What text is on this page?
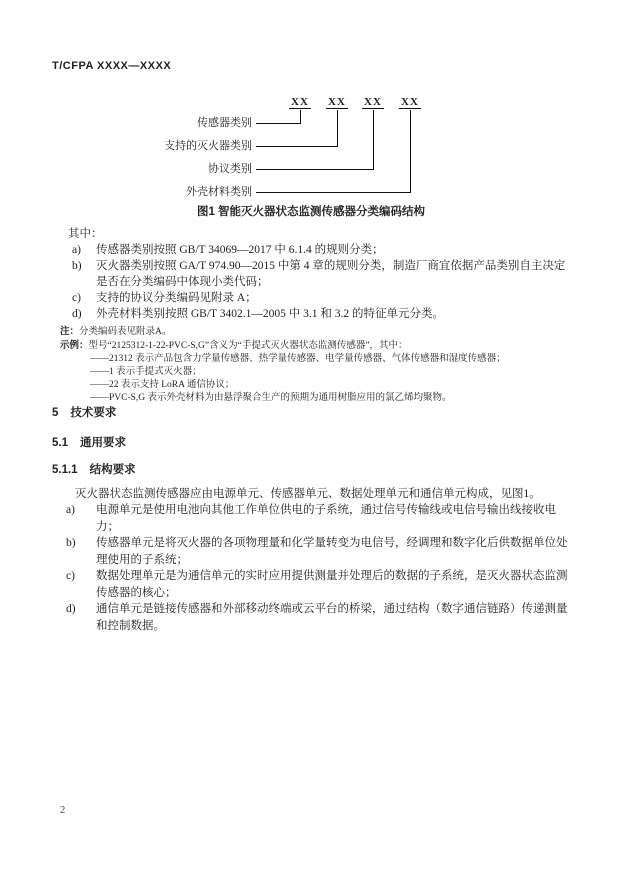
T/CFPA XXXX—XXXX
XX XX XX XX
传感器类别
支持的灭火器类别
协议类别
外壳材料类别
图1 智能灭火器状态监测传感器分类编码结构
其中：
a) 传感器类别按照 GB/T 34069—2017 中 6.1.4 的规则分类；
b) 灭火器类别按照 GA/T 974.90—2015 中第 4 章的规则分类，制造厂商宜依据产品类别自主决定是否在分类编码中体现小类代码；
c) 支持的协议分类编码见附录 A；
d) 外壳材料类别按照 GB/T 3402.1—2005 中 3.1 和 3.2 的特征单元分类。
注：分类编码表见附录A。
示例：型号“2125312-1-22-PVC-S,G”含义为“手提式灭火器状态监测传感器”，其中：
——21312 表示产品包含力学量传感器、热学量传感器、电学量传感器、气体传感器和湿度传感器；
——1 表示手提式灭火器；
——22 表示支持 LoRA 通信协议；
——PVC-S,G 表示外壳材料为由悬浮聚合生产的预期为通用树脂应用的氯乙烯均聚物。
5 技术要求
5.1 通用要求
5.1.1 结构要求
灭火器状态监测传感器应由电源单元、传感器单元、数据处理单元和通信单元构成，见图1。
a) 电源单元是使用电池向其他工作单位供电的子系统，通过信号传输线或电信号输出线接收电力；
b) 传感器单元是将灭火器的各项物理量和化学量转变为电信号，经调理和数字化后供数据单位处理使用的子系统；
c) 数据处理单元是为通信单元的实时应用提供测量并处理后的数据的子系统，是灭火器状态监测传感器的核心；
d) 通信单元是链接传感器和外部移动终端或云平台的桥梁，通过结构（数字通信链路）传递测量和控制数据。
2
